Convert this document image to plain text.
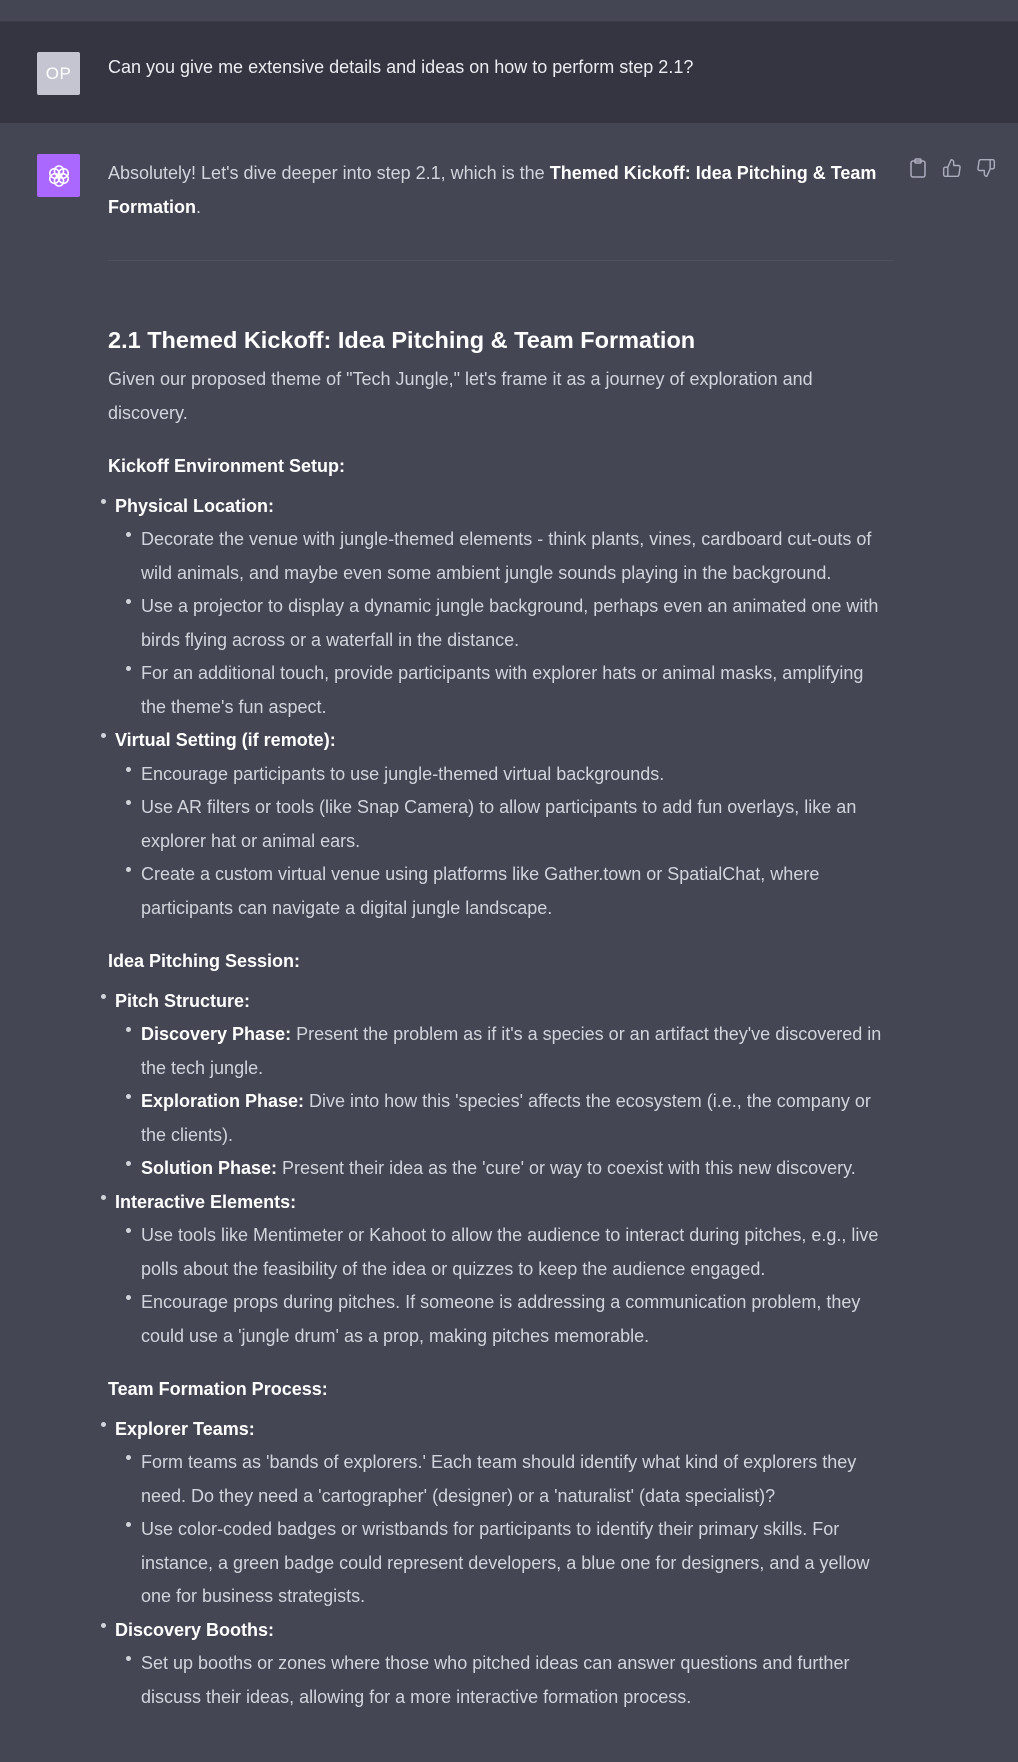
OP	Can you give me extensive details and ideas on how to perform step 2.1?

Absolutely! Let's dive deeper into step 2.1, which is the Themed Kickoff: Idea Pitching & Team Formation.

2.1 Themed Kickoff: Idea Pitching & Team Formation

Given our proposed theme of "Tech Jungle," let's frame it as a journey of exploration and discovery.

Kickoff Environment Setup:

Physical Location:
Decorate the venue with jungle-themed elements - think plants, vines, cardboard cut-outs of wild animals, and maybe even some ambient jungle sounds playing in the background.
Use a projector to display a dynamic jungle background, perhaps even an animated one with birds flying across or a waterfall in the distance.
For an additional touch, provide participants with explorer hats or animal masks, amplifying the theme's fun aspect.
Virtual Setting (if remote):
Encourage participants to use jungle-themed virtual backgrounds.
Use AR filters or tools (like Snap Camera) to allow participants to add fun overlays, like an explorer hat or animal ears.
Create a custom virtual venue using platforms like Gather.town or SpatialChat, where participants can navigate a digital jungle landscape.

Idea Pitching Session:

Pitch Structure:
Discovery Phase: Present the problem as if it's a species or an artifact they've discovered in the tech jungle.
Exploration Phase: Dive into how this 'species' affects the ecosystem (i.e., the company or the clients).
Solution Phase: Present their idea as the 'cure' or way to coexist with this new discovery.
Interactive Elements:
Use tools like Mentimeter or Kahoot to allow the audience to interact during pitches, e.g., live polls about the feasibility of the idea or quizzes to keep the audience engaged.
Encourage props during pitches. If someone is addressing a communication problem, they could use a 'jungle drum' as a prop, making pitches memorable.

Team Formation Process:

Explorer Teams:
Form teams as 'bands of explorers.' Each team should identify what kind of explorers they need. Do they need a 'cartographer' (designer) or a 'naturalist' (data specialist)?
Use color-coded badges or wristbands for participants to identify their primary skills. For instance, a green badge could represent developers, a blue one for designers, and a yellow one for business strategists.
Discovery Booths:
Set up booths or zones where those who pitched ideas can answer questions and further discuss their ideas, allowing for a more interactive formation process.
